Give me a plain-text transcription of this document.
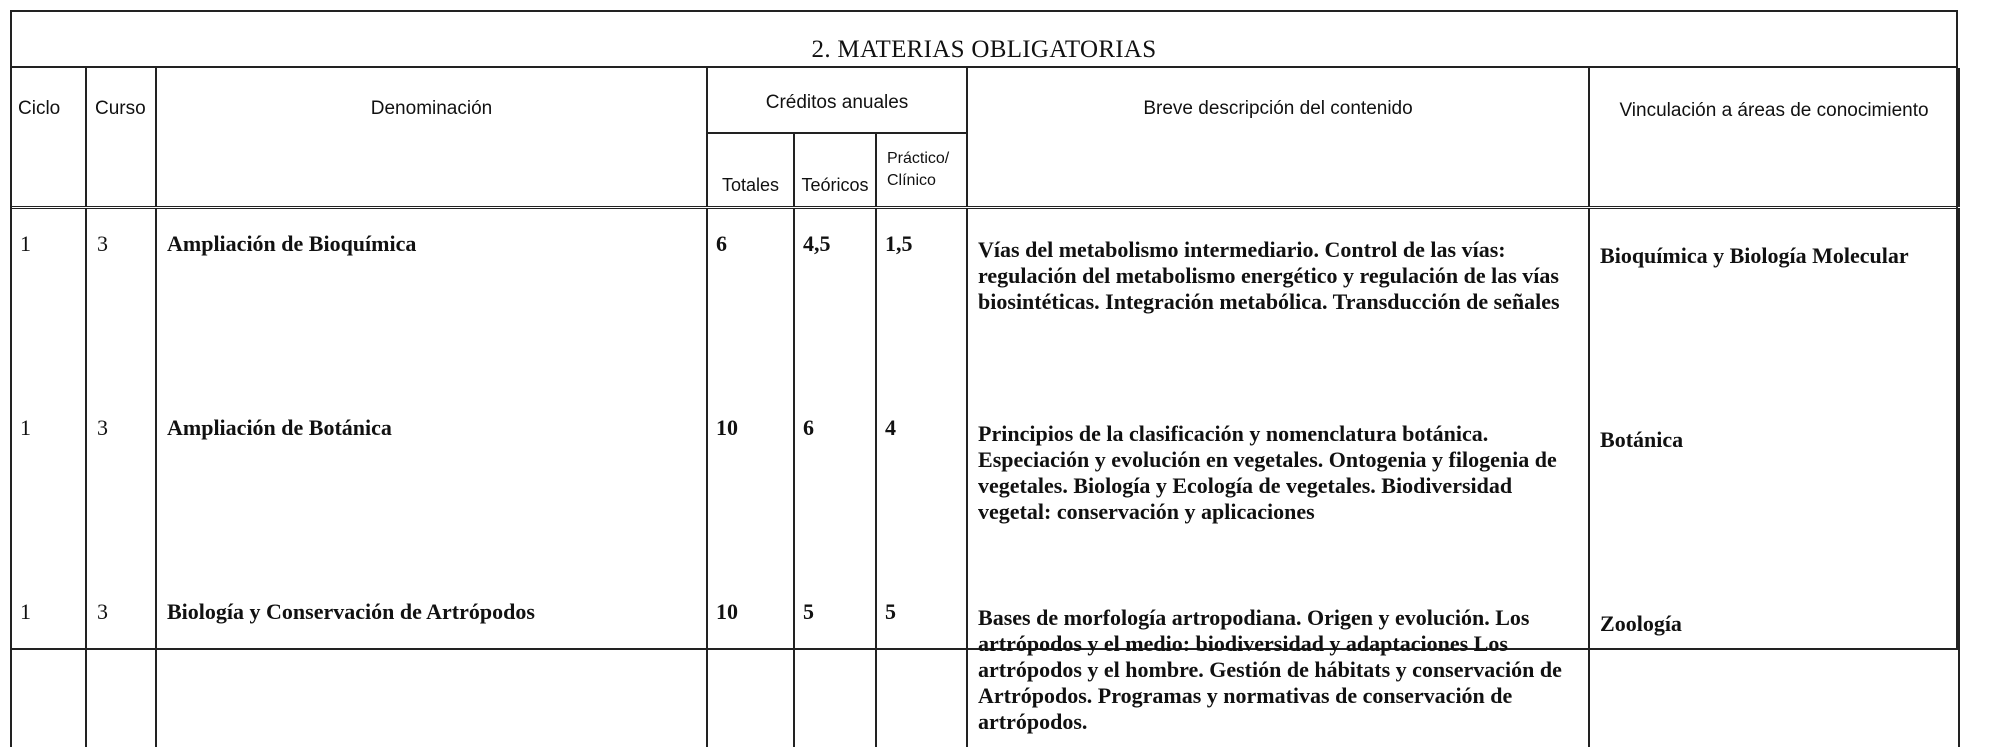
2. MATERIAS OBLIGATORIAS
Ciclo	Curso	Denominación	Créditos anuales			Breve descripción del contenido	Vinculación a áreas de conocimiento
			Totales	Teóricos	Práctico/
Clínico		
1	3	Ampliación de Bioquímica	6	4,5	1,5	Vías del metabolismo intermediario. Control de las vías: regulación del metabolismo energético y regulación de las vías biosintéticas. Integración metabólica. Transducción de señales	Bioquímica y Biología Molecular
1	3	Ampliación de Botánica	10	6	4	Principios de la clasificación y nomenclatura botánica. Especiación y evolución en vegetales. Ontogenia y filogenia de vegetales. Biología y Ecología de vegetales. Biodiversidad vegetal: conservación y aplicaciones	Botánica
1	3	Biología y Conservación de Artrópodos	10	5	5	Bases de morfología artropodiana. Origen y evolución. Los artrópodos y el medio: biodiversidad y adaptaciones Los artrópodos y el hombre. Gestión de hábitats y conservación de Artrópodos. Programas y normativas de conservación de artrópodos.	Zoología
